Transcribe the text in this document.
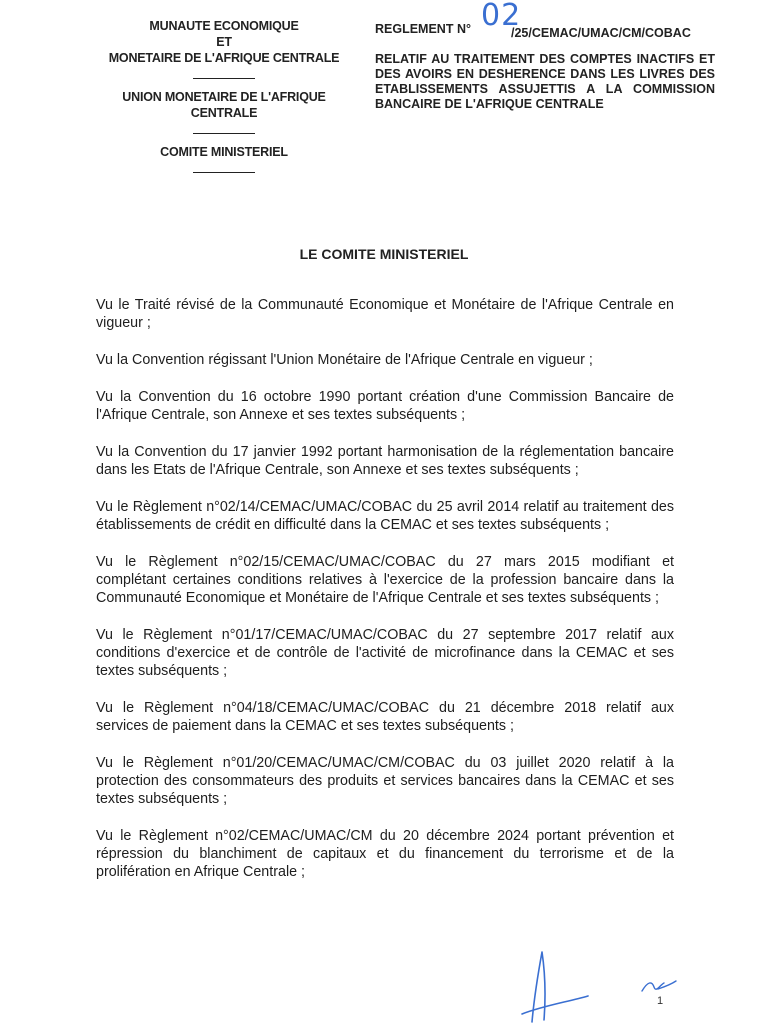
MUNAUTE ECONOMIQUE
ET
MONETAIRE DE L'AFRIQUE CENTRALE
UNION MONETAIRE DE L'AFRIQUE
CENTRALE
COMITE MINISTERIEL
REGLEMENT N° 02
/25/CEMAC/UMAC/CM/COBAC
RELATIF AU TRAITEMENT DES COMPTES INACTIFS ET DES AVOIRS EN DESHERENCE DANS LES LIVRES DES ETABLISSEMENTS ASSUJETTIS A LA COMMISSION BANCAIRE DE L'AFRIQUE CENTRALE
LE COMITE MINISTERIEL

Vu le Traité révisé de la Communauté Economique et Monétaire de l'Afrique Centrale en vigueur ;

Vu la Convention régissant l'Union Monétaire de l'Afrique Centrale en vigueur ;

Vu la Convention du 16 octobre 1990 portant création d'une Commission Bancaire de l'Afrique Centrale, son Annexe et ses textes subséquents ;

Vu la Convention du 17 janvier 1992 portant harmonisation de la réglementation bancaire dans les Etats de l'Afrique Centrale, son Annexe et ses textes subséquents ;

Vu le Règlement n°02/14/CEMAC/UMAC/COBAC du 25 avril 2014 relatif au traitement des établissements de crédit en difficulté dans la CEMAC et ses textes subséquents ;

Vu le Règlement n°02/15/CEMAC/UMAC/COBAC du 27 mars 2015 modifiant et complétant certaines conditions relatives à l'exercice de la profession bancaire dans la Communauté Economique et Monétaire de l'Afrique Centrale et ses textes subséquents ;

Vu le Règlement n°01/17/CEMAC/UMAC/COBAC du 27 septembre 2017 relatif aux conditions d'exercice et de contrôle de l'activité de microfinance dans la CEMAC et ses textes subséquents ;

Vu le Règlement n°04/18/CEMAC/UMAC/COBAC du 21 décembre 2018 relatif aux services de paiement dans la CEMAC et ses textes subséquents ;

Vu le Règlement n°01/20/CEMAC/UMAC/CM/COBAC du 03 juillet 2020 relatif à la protection des consommateurs des produits et services bancaires dans la CEMAC et ses textes subséquents ;

Vu le Règlement n°02/CEMAC/UMAC/CM du 20 décembre 2024 portant prévention et répression du blanchiment de capitaux et du financement du terrorisme et de la prolifération en Afrique Centrale ;

1
